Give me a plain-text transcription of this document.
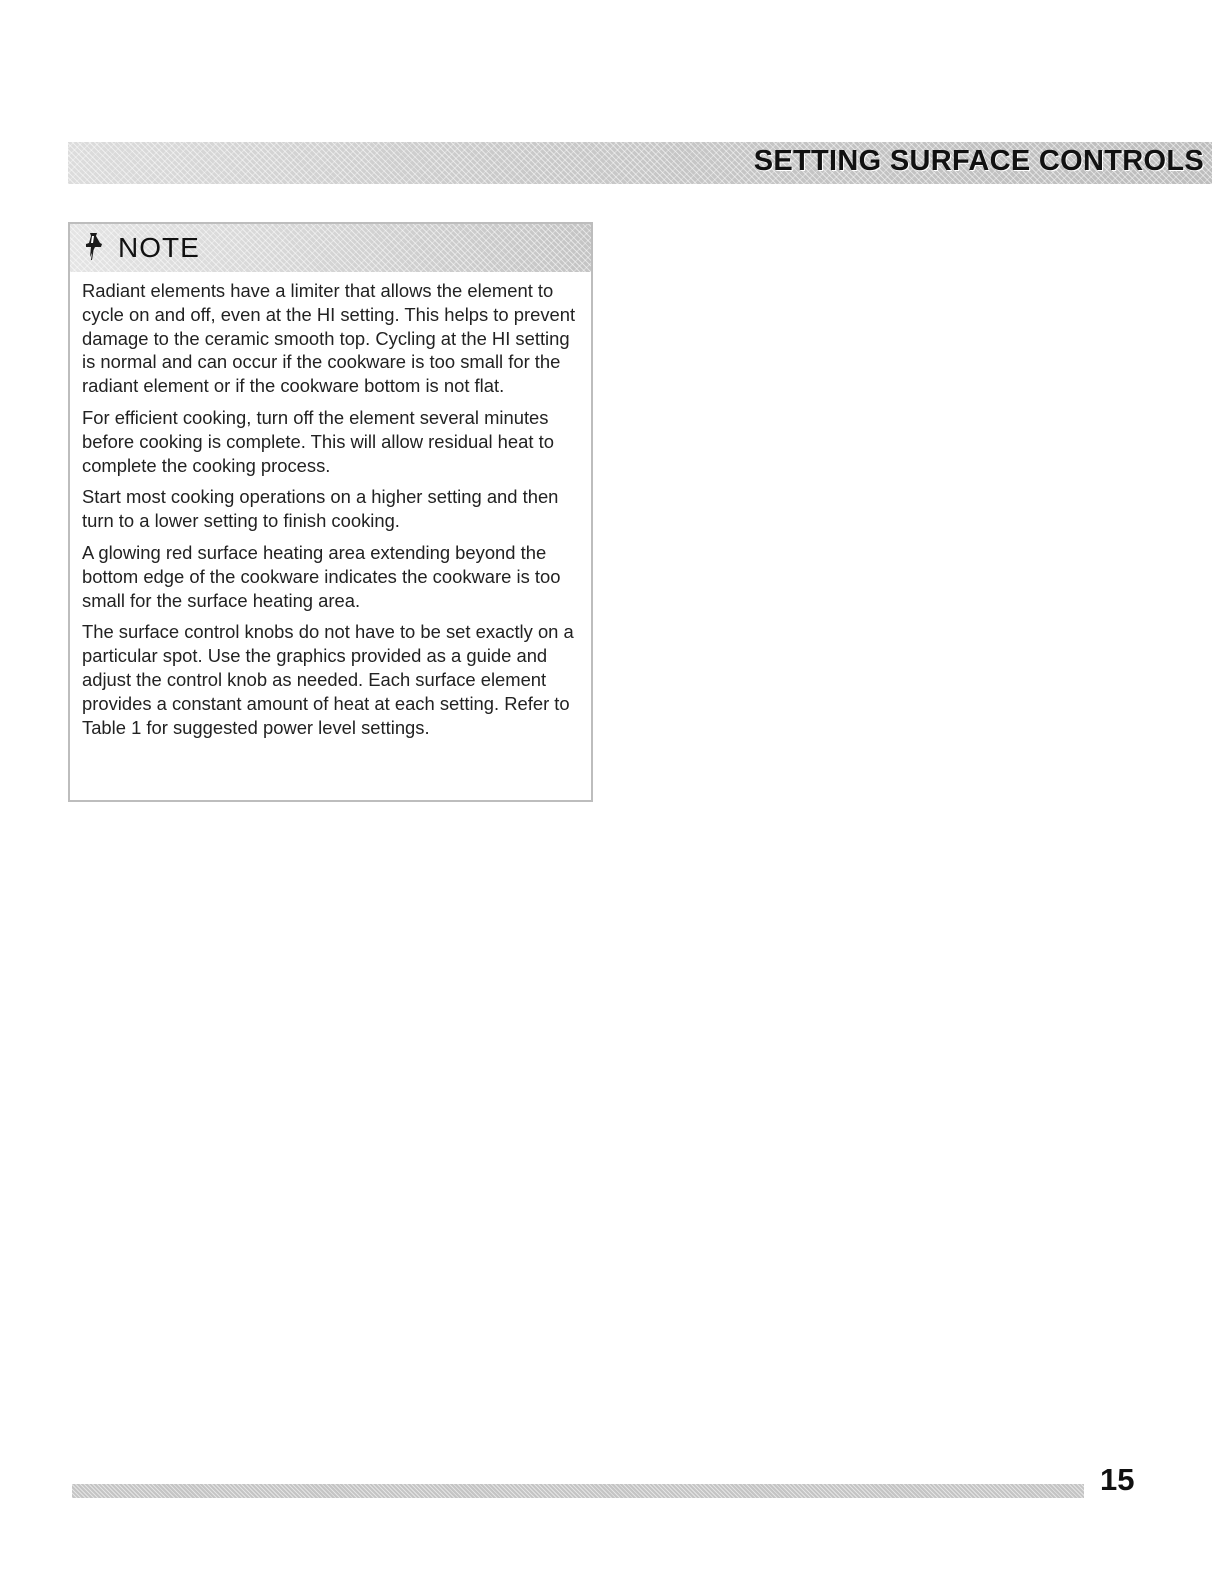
SETTING SURFACE CONTROLS
NOTE

Radiant elements have a limiter that allows the element to cycle on and off, even at the HI setting. This helps to prevent damage to the ceramic smooth top. Cycling at the HI setting is normal and can occur if the cookware is too small for the radiant element or if the cookware bottom is not flat.

For efficient cooking, turn off the element several minutes before cooking is complete. This will allow residual heat to complete the cooking process.

Start most cooking operations on a higher setting and then turn to a lower setting to finish cooking.

A glowing red surface heating area extending beyond the bottom edge of the cookware indicates the cookware is too small for the surface heating area.

The surface control knobs do not have to be set exactly on a particular spot. Use the graphics provided as a guide and adjust the control knob as needed. Each surface element provides a constant amount of heat at each setting. Refer to Table 1 for suggested power level settings.

15
